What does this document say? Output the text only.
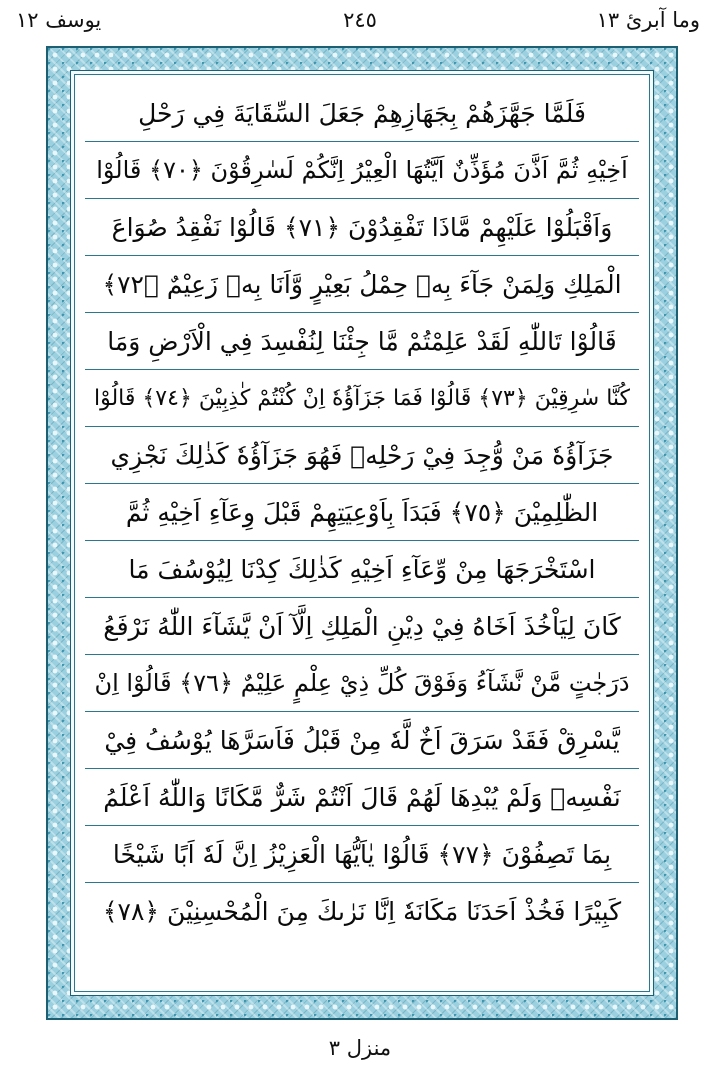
وما آبرئ ١٣
٢٤٥
يوسف ١٢
فَلَمَّا جَهَّزَهُمْ بِجَهَازِهِمْ جَعَلَ السِّقَايَةَ فِي رَحْلِ
اَخِيْهِ ثُمَّ اَذَّنَ مُؤَذِّنٌ اَيَّتُهَا الْعِيْرُ اِنَّكُمْ لَسٰرِقُوْنَ ﴿٧٠﴾ قَالُوْا
وَاَقْبَلُوْا عَلَيْهِمْ مَّاذَا تَفْقِدُوْنَ ﴿٧١﴾ قَالُوْا نَفْقِدُ صُوَاعَ
الْمَلِكِ وَلِمَنْ جَآءَ بِهٖ حِمْلُ بَعِيْرٍ وَّاَنَا بِهٖ زَعِيْمٌ ﴿٧٢﴾
قَالُوْا تَاللّٰهِ لَقَدْ عَلِمْتُمْ مَّا جِئْنَا لِنُفْسِدَ فِي الْاَرْضِ وَمَا
كُنَّا سٰرِقِيْنَ ﴿٧٣﴾ قَالُوْا فَمَا جَزَآؤُهٗ اِنْ كُنْتُمْ كٰذِبِيْنَ ﴿٧٤﴾ قَالُوْا
جَزَآؤُهٗ مَنْ وُّجِدَ فِيْ رَحْلِهٖ فَهُوَ جَزَآؤُهٗ كَذٰلِكَ نَجْزِي
الظّٰلِمِيْنَ ﴿٧٥﴾ فَبَدَاَ بِاَوْعِيَتِهِمْ قَبْلَ وِعَآءِ اَخِيْهِ ثُمَّ
اسْتَخْرَجَهَا مِنْ وِّعَآءِ اَخِيْهِ كَذٰلِكَ كِدْنَا لِيُوْسُفَ مَا
كَانَ لِيَاْخُذَ اَخَاهُ فِيْ دِيْنِ الْمَلِكِ اِلَّآ اَنْ يَّشَآءَ اللّٰهُ نَرْفَعُ
دَرَجٰتٍ مَّنْ نَّشَآءُ وَفَوْقَ كُلِّ ذِيْ عِلْمٍ عَلِيْمٌ ﴿٧٦﴾ قَالُوْا اِنْ
يَّسْرِقْ فَقَدْ سَرَقَ اَخٌ لَّهٗ مِنْ قَبْلُ فَاَسَرَّهَا يُوْسُفُ فِيْ
نَفْسِهٖ وَلَمْ يُبْدِهَا لَهُمْ قَالَ اَنْتُمْ شَرٌّ مَّكَانًا وَاللّٰهُ اَعْلَمُ
بِمَا تَصِفُوْنَ ﴿٧٧﴾ قَالُوْا يٰاَيُّهَا الْعَزِيْزُ اِنَّ لَهٗ اَبًا شَيْخًا
كَبِيْرًا فَخُذْ اَحَدَنَا مَكَانَهٗ اِنَّا نَرٰىكَ مِنَ الْمُحْسِنِيْنَ ﴿٧٨﴾
منزل ٣
